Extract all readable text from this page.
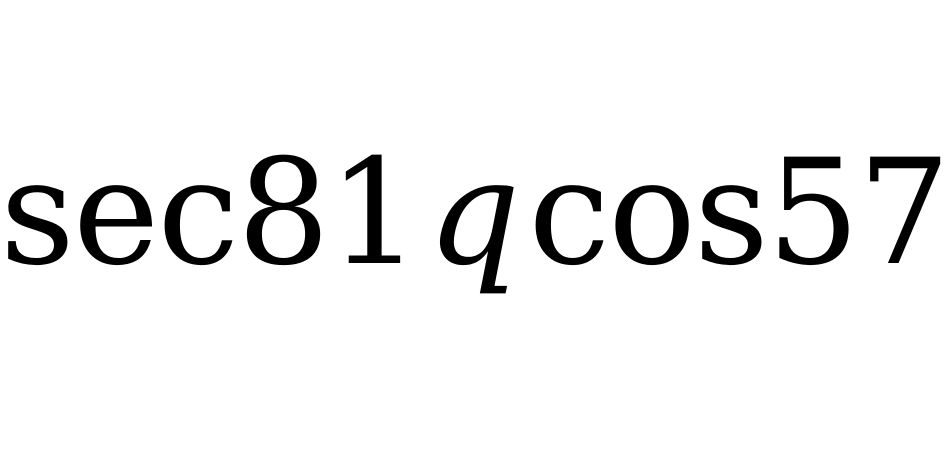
sec 81 q cos 57
